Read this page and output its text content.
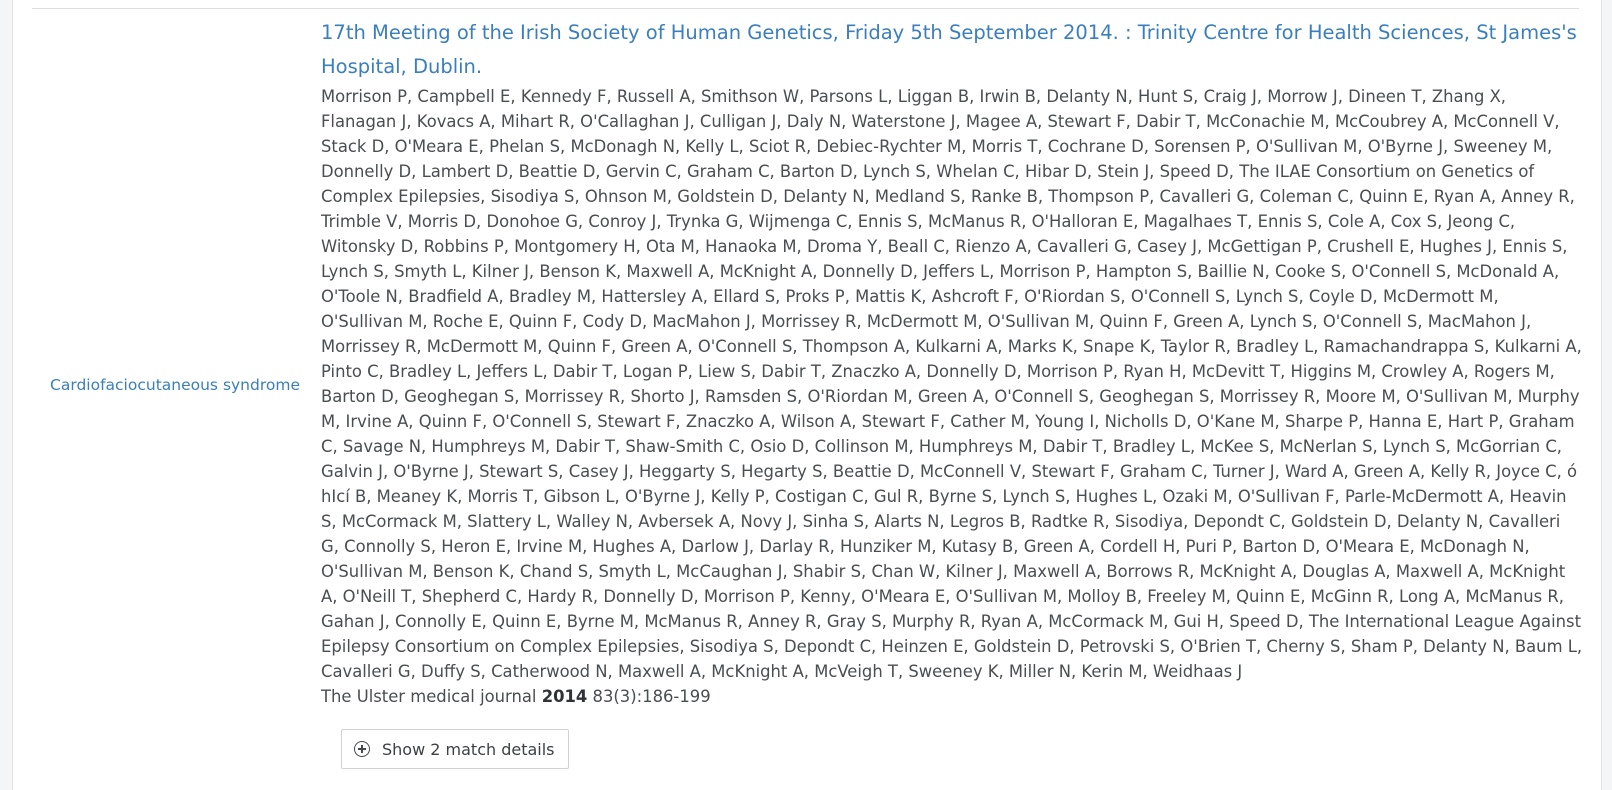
Cardiofaciocutaneous syndrome
17th Meeting of the Irish Society of Human Genetics, Friday 5th September 2014. : Trinity Centre for Health Sciences, St James's Hospital, Dublin.

Morrison P, Campbell E, Kennedy F, Russell A, Smithson W, Parsons L, Liggan B, Irwin B, Delanty N, Hunt S, Craig J, Morrow J, Dineen T, Zhang X, Flanagan J, Kovacs A, Mihart R, O'Callaghan J, Culligan J, Daly N, Waterstone J, Magee A, Stewart F, Dabir T, McConachie M, McCoubrey A, McConnell V, Stack D, O'Meara E, Phelan S, McDonagh N, Kelly L, Sciot R, Debiec-Rychter M, Morris T, Cochrane D, Sorensen P, O'Sullivan M, O'Byrne J, Sweeney M, Donnelly D, Lambert D, Beattie D, Gervin C, Graham C, Barton D, Lynch S, Whelan C, Hibar D, Stein J, Speed D, The ILAE Consortium on Genetics of Complex Epilepsies, Sisodiya S, Ohnson M, Goldstein D, Delanty N, Medland S, Ranke B, Thompson P, Cavalleri G, Coleman C, Quinn E, Ryan A, Anney R, Trimble V, Morris D, Donohoe G, Conroy J, Trynka G, Wijmenga C, Ennis S, McManus R, O'Halloran E, Magalhaes T, Ennis S, Cole A, Cox S, Jeong C, Witonsky D, Robbins P, Montgomery H, Ota M, Hanaoka M, Droma Y, Beall C, Rienzo A, Cavalleri G, Casey J, McGettigan P, Crushell E, Hughes J, Ennis S, Lynch S, Smyth L, Kilner J, Benson K, Maxwell A, McKnight A, Donnelly D, Jeffers L, Morrison P, Hampton S, Baillie N, Cooke S, O'Connell S, McDonald A, O'Toole N, Bradfield A, Bradley M, Hattersley A, Ellard S, Proks P, Mattis K, Ashcroft F, O'Riordan S, O'Connell S, Lynch S, Coyle D, McDermott M, O'Sullivan M, Roche E, Quinn F, Cody D, MacMahon J, Morrissey R, McDermott M, O'Sullivan M, Quinn F, Green A, Lynch S, O'Connell S, MacMahon J, Morrissey R, McDermott M, Quinn F, Green A, O'Connell S, Thompson A, Kulkarni A, Marks K, Snape K, Taylor R, Bradley L, Ramachandrappa S, Kulkarni A, Pinto C, Bradley L, Jeffers L, Dabir T, Logan P, Liew S, Dabir T, Znaczko A, Donnelly D, Morrison P, Ryan H, McDevitt T, Higgins M, Crowley A, Rogers M, Barton D, Geoghegan S, Morrissey R, Shorto J, Ramsden S, O'Riordan M, Green A, O'Connell S, Geoghegan S, Morrissey R, Moore M, O'Sullivan M, Murphy M, Irvine A, Quinn F, O'Connell S, Stewart F, Znaczko A, Wilson A, Stewart F, Cather M, Young I, Nicholls D, O'Kane M, Sharpe P, Hanna E, Hart P, Graham C, Savage N, Humphreys M, Dabir T, Shaw-Smith C, Osio D, Collinson M, Humphreys M, Dabir T, Bradley L, McKee S, McNerlan S, Lynch S, McGorrian C, Galvin J, O'Byrne J, Stewart S, Casey J, Heggarty S, Hegarty S, Beattie D, McConnell V, Stewart F, Graham C, Turner J, Ward A, Green A, Kelly R, Joyce C, ó hIcí B, Meaney K, Morris T, Gibson L, O'Byrne J, Kelly P, Costigan C, Gul R, Byrne S, Lynch S, Hughes L, Ozaki M, O'Sullivan F, Parle-McDermott A, Heavin S, McCormack M, Slattery L, Walley N, Avbersek A, Novy J, Sinha S, Alarts N, Legros B, Radtke R, Sisodiya, Depondt C, Goldstein D, Delanty N, Cavalleri G, Connolly S, Heron E, Irvine M, Hughes A, Darlow J, Darlay R, Hunziker M, Kutasy B, Green A, Cordell H, Puri P, Barton D, O'Meara E, McDonagh N, O'Sullivan M, Benson K, Chand S, Smyth L, McCaughan J, Shabir S, Chan W, Kilner J, Maxwell A, Borrows R, McKnight A, Douglas A, Maxwell A, McKnight A, O'Neill T, Shepherd C, Hardy R, Donnelly D, Morrison P, Kenny, O'Meara E, O'Sullivan M, Molloy B, Freeley M, Quinn E, McGinn R, Long A, McManus R, Gahan J, Connolly E, Quinn E, Byrne M, McManus R, Anney R, Gray S, Murphy R, Ryan A, McCormack M, Gui H, Speed D, The International League Against Epilepsy Consortium on Complex Epilepsies, Sisodiya S, Depondt C, Heinzen E, Goldstein D, Petrovski S, O'Brien T, Cherny S, Sham P, Delanty N, Baum L, Cavalleri G, Duffy S, Catherwood N, Maxwell A, McKnight A, McVeigh T, Sweeney K, Miller N, Kerin M, Weidhaas J

The Ulster medical journal 2014 83(3):186-199

Show 2 match details
